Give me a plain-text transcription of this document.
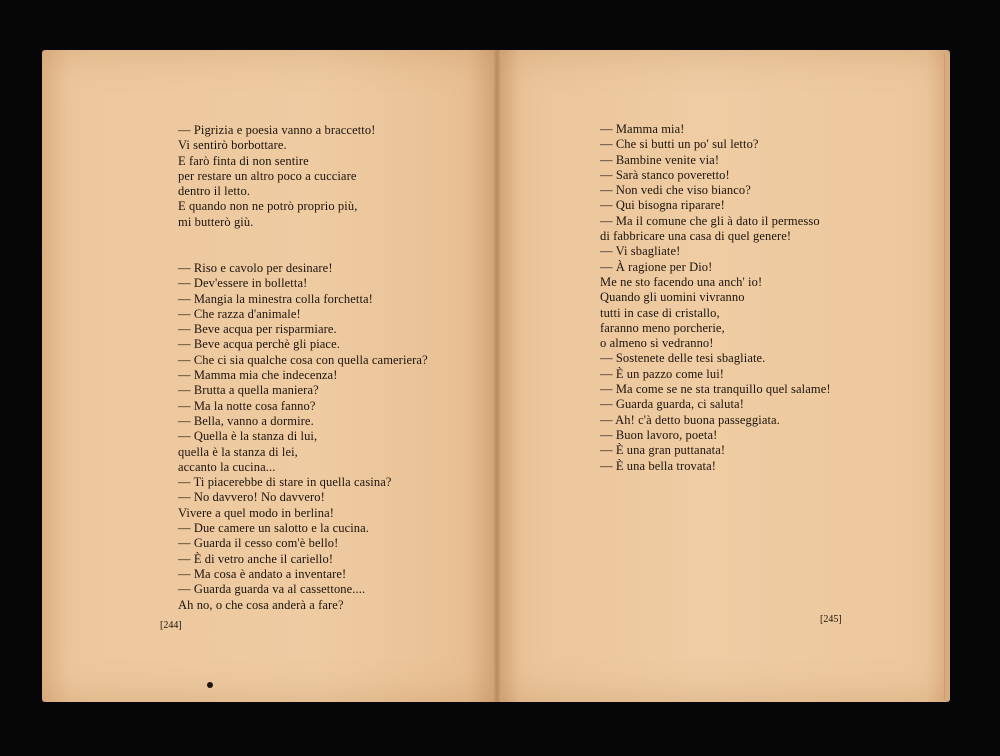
— Pigrizia e poesia vanno a braccetto!
Vi sentirò borbottare.
E farò finta di non sentire
per restare un altro poco a cucciare
dentro il letto.
E quando non ne potrò proprio più,
mi butterò giù.
— Riso e cavolo per desinare!
— Dev'essere in bolletta!
— Mangia la minestra colla forchetta!
— Che razza d'animale!
— Beve acqua per risparmiare.
— Beve acqua perchè gli piace.
— Che ci sia qualche cosa con quella cameriera?
— Mamma mia che indecenza!
— Brutta a quella maniera?
— Ma la notte cosa fanno?
— Bella, vanno a dormire.
— Quella è la stanza di lui,
quella è la stanza di lei,
accanto la cucina...
— Ti piacerebbe di stare in quella casina?
— No davvero! No davvero!
Vivere a quel modo in berlina!
— Due camere un salotto e la cucina.
— Guarda il cesso com'è bello!
— È di vetro anche il cariello!
— Ma cosa è andato a inventare!
— Guarda guarda va al cassettone....
Ah no, o che cosa anderà a fare?
[244]
— Mamma mia!
— Che si butti un po' sul letto?
— Bambine venite via!
— Sarà stanco poveretto!
— Non vedi che viso bianco?
— Qui bisogna riparare!
— Ma il comune che gli à dato il permesso
di fabbricare una casa di quel genere!
— Vi sbagliate!
— À ragione per Dio!
Me ne sto facendo una anch' io!
Quando gli uomini vivranno
tutti in case di cristallo,
faranno meno porcherie,
o almeno si vedranno!
— Sostenete delle tesi sbagliate.
— È un pazzo come lui!
— Ma come se ne sta tranquillo quel salame!
— Guarda guarda, ci saluta!
— Ah! c'à detto buona passeggiata.
— Buon lavoro, poeta!
— È una gran puttanata!
— È una bella trovata!
[245]
